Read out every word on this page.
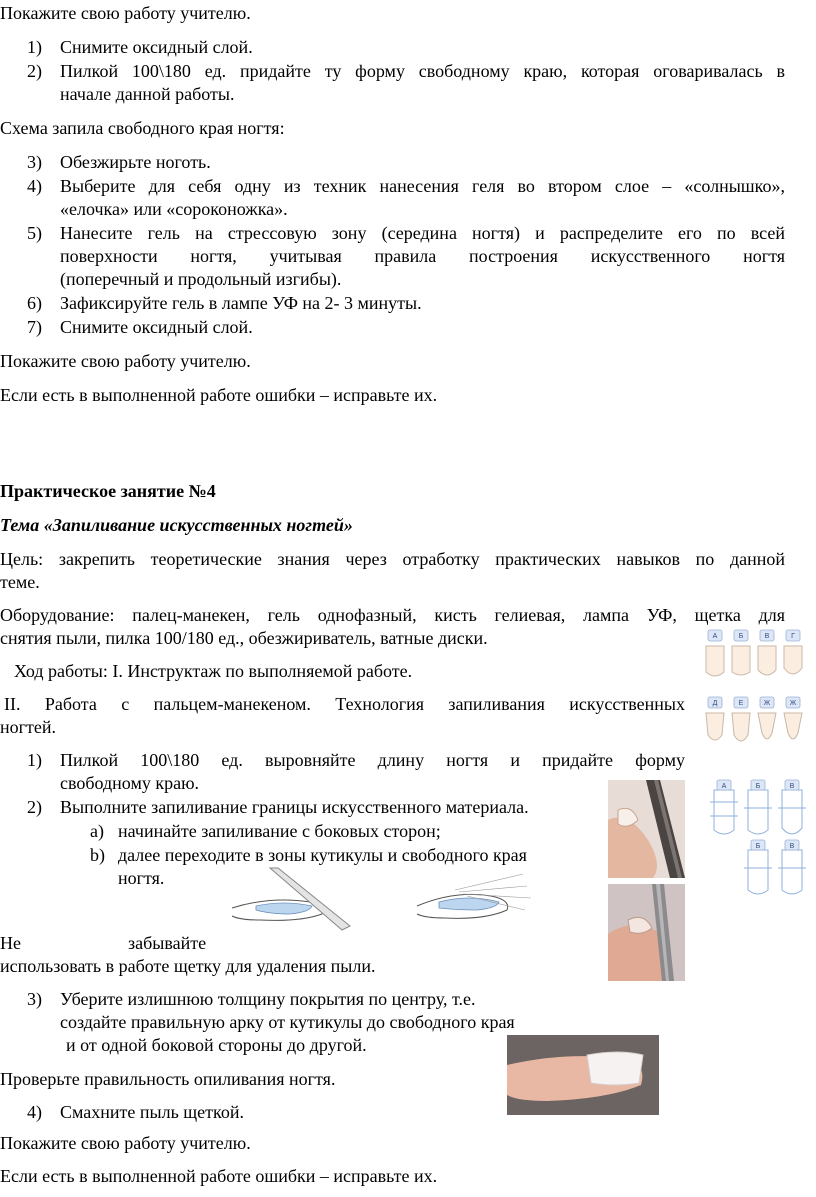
Покажите свою работу учителю.
1) Снимите оксидный слой.
2) Пилкой 100\180 ед. придайте ту форму свободному краю, которая оговаривалась в
начале данной работы.
Схема запила свободного края ногтя:
3) Обезжирьте ноготь.
4) Выберите для себя одну из техник нанесения геля во втором слое – «солнышко»,
«елочка» или «сороконожка».
5) Нанесите гель на стрессовую зону (середина ногтя) и распределите его по всей
поверхности ногтя, учитывая правила построения искусственного ногтя
(поперечный и продольный изгибы).
6) Зафиксируйте гель в лампе УФ на 2- 3 минуты.
7) Снимите оксидный слой.
Покажите свою работу учителю.
Если есть в выполненной работе ошибки – исправьте их.
Практическое занятие №4
Тема «Запиливание искусственных ногтей»
Цель: закрепить теоретические знания через отработку практических навыков по данной
теме.
Оборудование: палец-манекен, гель однофазный, кисть гелиевая, лампа УФ, щетка для
снятия пыли, пилка 100/180 ед., обезжириватель, ватные диски.
Ход работы: I. Инструктаж по выполняемой работе.
II. Работа с пальцем-манекеном. Технология запиливания искусственных
ногтей.
1) Пилкой 100\180 ед. выровняйте длину ногтя и придайте форму
свободному краю.
2) Выполните запиливание границы искусственного материала.
a) начинайте запиливание с боковых сторон;
b) далее переходите в зоны кутикулы и свободного края
ногтя.
Не	забывайте
использовать в работе щетку для удаления пыли.
3) Уберите излишнюю толщину покрытия по центру, т.е.
создайте правильную арку от кутикулы до свободного края
и от одной боковой стороны до другой.
Проверьте правильность опиливания ногтя.
4) Смахните пыль щеткой.
Покажите свою работу учителю.
Если есть в выполненной работе ошибки – исправьте их.
А	Б	В	Г
Д	Е	Ж	Ж
А	Б	В
Б	В
